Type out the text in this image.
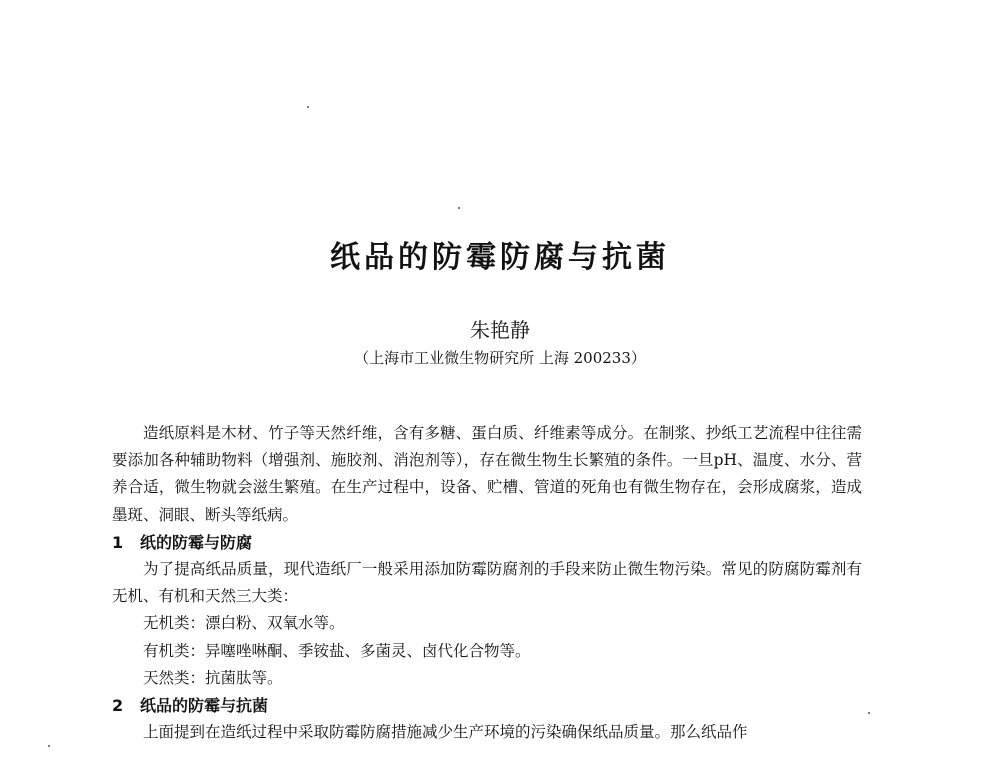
纸品的防霉防腐与抗菌
朱艳静
（上海市工业微生物研究所 上海 200233）

造纸原料是木材、竹子等天然纤维，含有多糖、蛋白质、纤维素等成分。在制浆、抄纸工艺流程中往往需要添加各种辅助物料（增强剂、施胶剂、消泡剂等），存在微生物生长繁殖的条件。一旦pH、温度、水分、营养合适，微生物就会滋生繁殖。在生产过程中，设备、贮槽、管道的死角也有微生物存在，会形成腐浆，造成墨斑、洞眼、断头等纸病。

1 纸的防霉与防腐

为了提高纸品质量，现代造纸厂一般采用添加防霉防腐剂的手段来防止微生物污染。常见的防腐防霉剂有无机、有机和天然三大类：

无机类：漂白粉、双氧水等。

有机类：异噻唑啉酮、季铵盐、多菌灵、卤代化合物等。

天然类：抗菌肽等。

2 纸品的防霉与抗菌

上面提到在造纸过程中采取防霉防腐措施减少生产环境的污染确保纸品质量。那么纸品作
